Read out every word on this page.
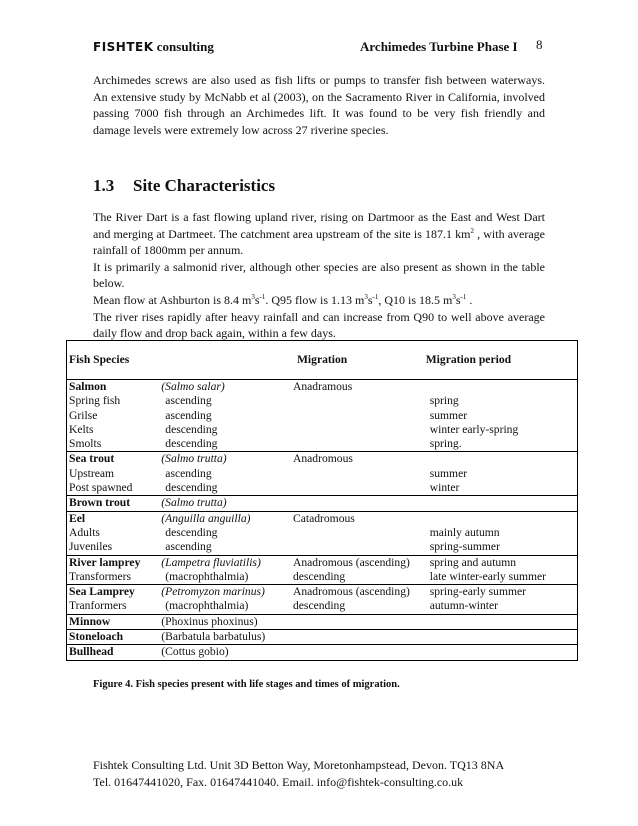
FISHTEK consulting	Archimedes Turbine Phase I 8
Archimedes screws are also used as fish lifts or pumps to transfer fish between waterways. An extensive study by McNabb et al (2003), on the Sacramento River in California, involved passing 7000 fish through an Archimedes lift. It was found to be very fish friendly and damage levels were extremely low across 27 riverine species.
1.3 Site Characteristics
The River Dart is a fast flowing upland river, rising on Dartmoor as the East and West Dart and merging at Dartmeet. The catchment area upstream of the site is 187.1 $km^2$ , with average rainfall of 1800mm per annum.
It is primarily a salmonid river, although other species are also present as shown in the table below.
Mean flow at Ashburton is 8.4 $m^3s^{-1}$. Q95 flow is 1.13 $m^3s^{-1}$, Q10 is 18.5 $m^3s^{-1}$ .
The river rises rapidly after heavy rainfall and can increase from Q90 to well above average daily flow and drop back again, within a few days.
Fish Species		Migration	Migration period
Salmon	(Salmo salar)	Anadramous	
Spring fish	ascending		spring
Grilse	ascending		summer
Kelts	descending		winter early-spring
Smolts	descending		spring.
Sea trout	(Salmo trutta)	Anadromous	
Upstream	ascending		summer
Post spawned	descending		winter
Brown trout	(Salmo trutta)		
Eel	(Anguilla anguilla)	Catadromous	
Adults	descending		mainly autumn
Juveniles	ascending		spring-summer
River lamprey	(Lampetra fluviatilis)	Anadromous (ascending)	spring and autumn
Transformers	(macrophthalmia)	descending	late winter-early summer
Sea Lamprey	(Petromyzon marinus)	Anadromous (ascending)	spring-early summer
Tranformers	(macrophthalmia)	descending	autumn-winter
Minnow	(Phoxinus phoxinus)		
Stoneloach	(Barbatula barbatulus)		
Bullhead	(Cottus gobio)		
Figure 4. Fish species present with life stages and times of migration.
Fishtek Consulting Ltd. Unit 3D Betton Way, Moretonhampstead, Devon. TQ13 8NA
Tel. 01647441020, Fax. 01647441040. Email. info@fishtek-consulting.co.uk
